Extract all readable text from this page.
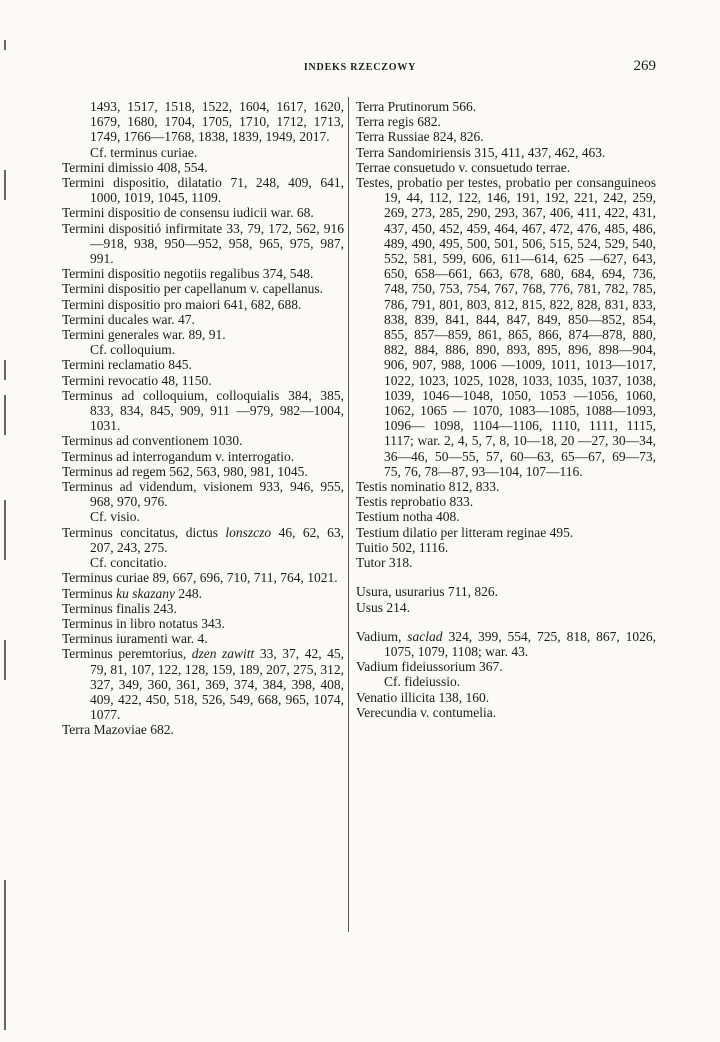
INDEKS RZECZOWY	269
1493, 1517, 1518, 1522, 1604, 1617, 1620, 1679, 1680, 1704, 1705, 1710, 1712, 1713, 1749, 1766—1768, 1838, 1839, 1949, 2017.
Cf. terminus curiae.
Termini dimissio 408, 554.
Termini dispositio, dilatatio 71, 248, 409, 641, 1000, 1019, 1045, 1109.
Termini dispositio de consensu iudicii war. 68.
Termini dispositió infirmitate 33, 79, 172, 562, 916—918, 938, 950—952, 958, 965, 975, 987, 991.
Termini dispositio negotiis regalibus 374, 548.
Termini dispositio per capellanum v. capellanus.
Termini dispositio pro maiori 641, 682, 688.
Termini ducales war. 47.
Termini generales war. 89, 91.
Cf. colloquium.
Termini reclamatio 845.
Termini revocatio 48, 1150.
Terminus ad colloquium, colloquialis 384, 385, 833, 834, 845, 909, 911 —979, 982—1004, 1031.
Terminus ad conventionem 1030.
Terminus ad interrogandum v. interrogatio.
Terminus ad regem 562, 563, 980, 981, 1045.
Terminus ad videndum, visionem 933, 946, 955, 968, 970, 976.
Cf. visio.
Terminus concitatus, dictus lonszczo 46, 62, 63, 207, 243, 275.
Cf. concitatio.
Terminus curiae 89, 667, 696, 710, 711, 764, 1021.
Terminus ku skazany 248.
Terminus finalis 243.
Terminus in libro notatus 343.
Terminus iuramenti war. 4.
Terminus peremtorius, dzen zawitt 33, 37, 42, 45, 79, 81, 107, 122, 128, 159, 189, 207, 275, 312, 327, 349, 360, 361, 369, 374, 384, 398, 408, 409, 422, 450, 518, 526, 549, 668, 965, 1074, 1077.
Terra Mazoviae 682.
Terra Prutinorum 566.
Terra regis 682.
Terra Russiae 824, 826.
Terra Sandomiriensis 315, 411, 437, 462, 463.
Terrae consuetudo v. consuetudo terrae.
Testes, probatio per testes, probatio per consanguineos 19, 44, 112, 122, 146, 191, 192, 221, 242, 259, 269, 273, 285, 290, 293, 367, 406, 411, 422, 431, 437, 450, 452, 459, 464, 467, 472, 476, 485, 486, 489, 490, 495, 500, 501, 506, 515, 524, 529, 540, 552, 581, 599, 606, 611—614, 625 —627, 643, 650, 658—661, 663, 678, 680, 684, 694, 736, 748, 750, 753, 754, 767, 768, 776, 781, 782, 785, 786, 791, 801, 803, 812, 815, 822, 828, 831, 833, 838, 839, 841, 844, 847, 849, 850—852, 854, 855, 857—859, 861, 865, 866, 874—878, 880, 882, 884, 886, 890, 893, 895, 896, 898—904, 906, 907, 988, 1006 —1009, 1011, 1013—1017, 1022, 1023, 1025, 1028, 1033, 1035, 1037, 1038, 1039, 1046—1048, 1050, 1053 —1056, 1060, 1062, 1065 — 1070, 1083—1085, 1088—1093, 1096— 1098, 1104—1106, 1110, 1111, 1115, 1117; war. 2, 4, 5, 7, 8, 10—18, 20 —27, 30—34, 36—46, 50—55, 57, 60—63, 65—67, 69—73, 75, 76, 78—87, 93—104, 107—116.
Testis nominatio 812, 833.
Testis reprobatio 833.
Testium notha 408.
Testium dilatio per litteram reginae 495.
Tuitio 502, 1116.
Tutor 318.
Usura, usurarius 711, 826.
Usus 214.
Vadium, saclad 324, 399, 554, 725, 818, 867, 1026, 1075, 1079, 1108; war. 43.
Vadium fideiussorium 367.
Cf. fideiussio.
Venatio illicita 138, 160.
Verecundia v. contumelia.
